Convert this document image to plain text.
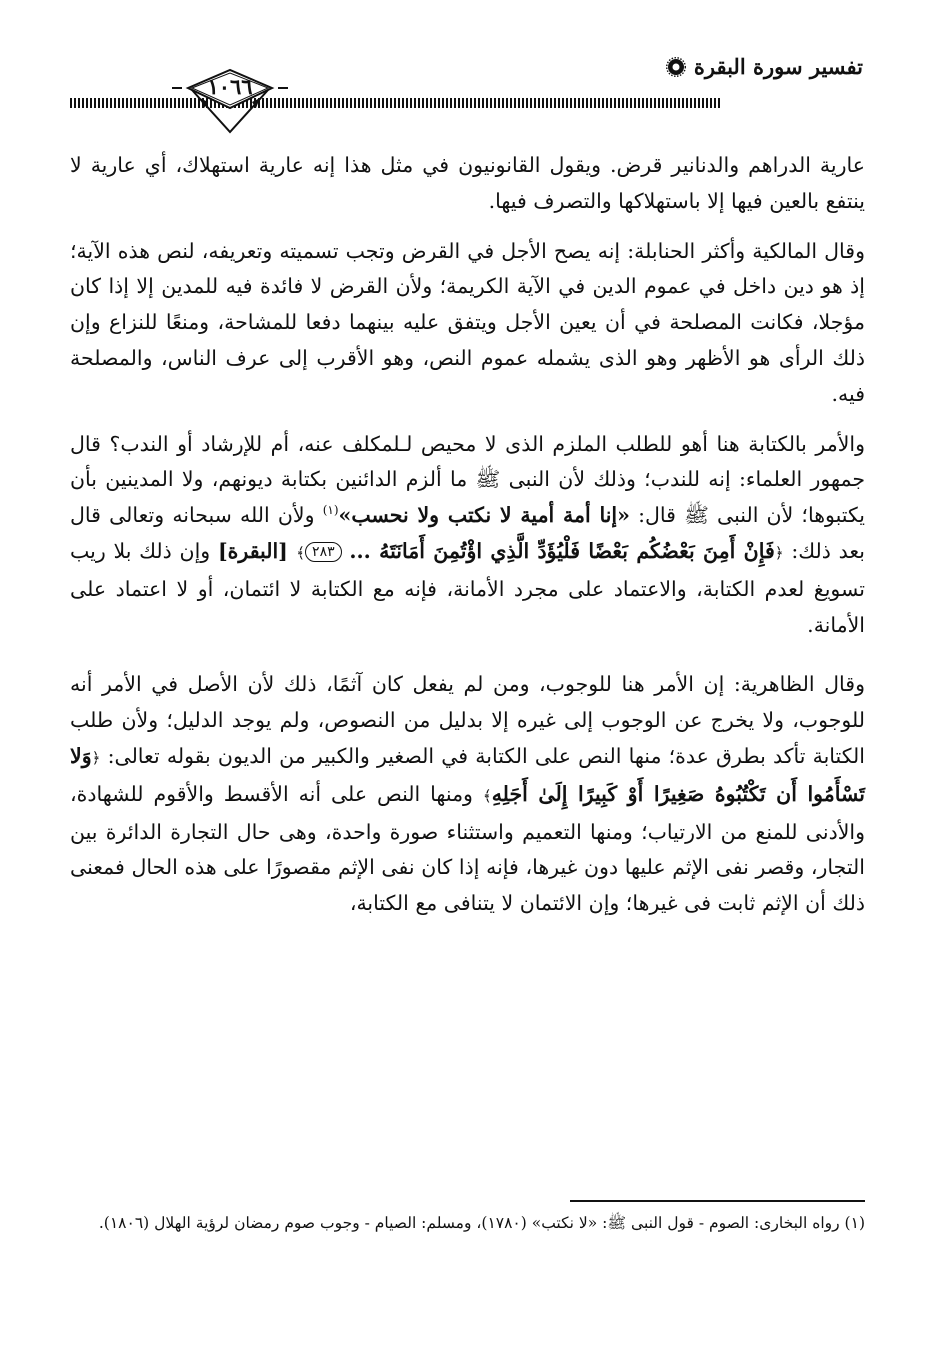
تفسير سورة البقرة
١٠٦٦

عارية الدراهم والدنانير قرض. ويقول القانونيون في مثل هذا إنه عارية استهلاك، أي عارية لا ينتفع بالعين فيها إلا باستهلاكها والتصرف فيها.

وقال المالكية وأكثر الحنابلة: إنه يصح الأجل في القرض وتجب تسميته وتعريفه، لنص هذه الآية؛ إذ هو دين داخل في عموم الدين في الآية الكريمة؛ ولأن القرض لا فائدة فيه للمدين إلا إذا كان مؤجلا، فكانت المصلحة في أن يعين الأجل ويتفق عليه بينهما دفعا للمشاحة، ومنعًا للنزاع وإن ذلك الرأى هو الأظهر وهو الذى يشمله عموم النص، وهو الأقرب إلى عرف الناس، والمصلحة فيه.

والأمر بالكتابة هنا أهو للطلب الملزم الذى لا محيص لـلمكلف عنه، أم للإرشاد أو الندب؟ قال جمهور العلماء: إنه للندب؛ وذلك لأن النبى ﷺ ما ألزم الدائنين بكتابة ديونهم، ولا المدينين بأن يكتبوها؛ لأن النبى ﷺ قال: «إنا أمة أمية لا نكتب ولا نحسب»$^{(١)}$ ولأن الله سبحانه وتعالى قال بعد ذلك: ﴿فَإِنْ أَمِنَ بَعْضُكُم بَعْضًا فَلْيُؤَدِّ الَّذِي اؤْتُمِنَ أَمَانَتَهُ ... ٢٨٣﴾ [البقرة] وإن ذلك بلا ريب تسويغ لعدم الكتابة، والاعتماد على مجرد الأمانة، فإنه مع الكتابة لا ائتمان، أو لا اعتماد على الأمانة.

وقال الظاهرية: إن الأمر هنا للوجوب، ومن لم يفعل كان آثمًا، ذلك لأن الأصل في الأمر أنه للوجوب، ولا يخرج عن الوجوب إلى غيره إلا بدليل من النصوص، ولم يوجد الدليل؛ ولأن طلب الكتابة تأكد بطرق عدة؛ منها النص على الكتابة في الصغير والكبير من الديون بقوله تعالى: ﴿وَلا تَسْأَمُوا أَن تَكْتُبُوهُ صَغِيرًا أَوْ كَبِيرًا إِلَىٰ أَجَلِهِ﴾ ومنها النص على أنه الأقسط والأقوم للشهادة، والأدنى للمنع من الارتياب؛ ومنها التعميم واستثناء صورة واحدة، وهى حال التجارة الدائرة بين التجار، وقصر نفى الإثم عليها دون غيرها، فإنه إذا كان نفى الإثم مقصورًا على هذه الحال فمعنى ذلك أن الإثم ثابت فى غيرها؛ وإن الائتمان لا يتنافى مع الكتابة،

(١) رواه البخارى: الصوم - قول النبى ﷺ: «لا نكتب» (١٧٨٠)، ومسلم: الصيام - وجوب صوم رمضان لرؤية الهلال (١٨٠٦).
